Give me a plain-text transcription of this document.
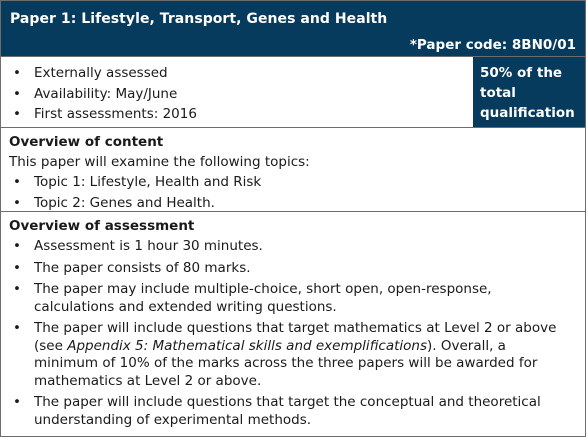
Paper 1: Lifestyle, Transport, Genes and Health
*Paper code: 8BN0/01
• Externally assessed
• Availability: May/June
• First assessments: 2016
50% of the
total
qualification
Overview of content
This paper will examine the following topics:
• Topic 1: Lifestyle, Health and Risk
• Topic 2: Genes and Health.
Overview of assessment
• Assessment is 1 hour 30 minutes.
• The paper consists of 80 marks.
• The paper may include multiple-choice, short open, open-response, calculations and extended writing questions.
• The paper will include questions that target mathematics at Level 2 or above (see Appendix 5: Mathematical skills and exemplifications). Overall, a minimum of 10% of the marks across the three papers will be awarded for mathematics at Level 2 or above.
• The paper will include questions that target the conceptual and theoretical understanding of experimental methods.
